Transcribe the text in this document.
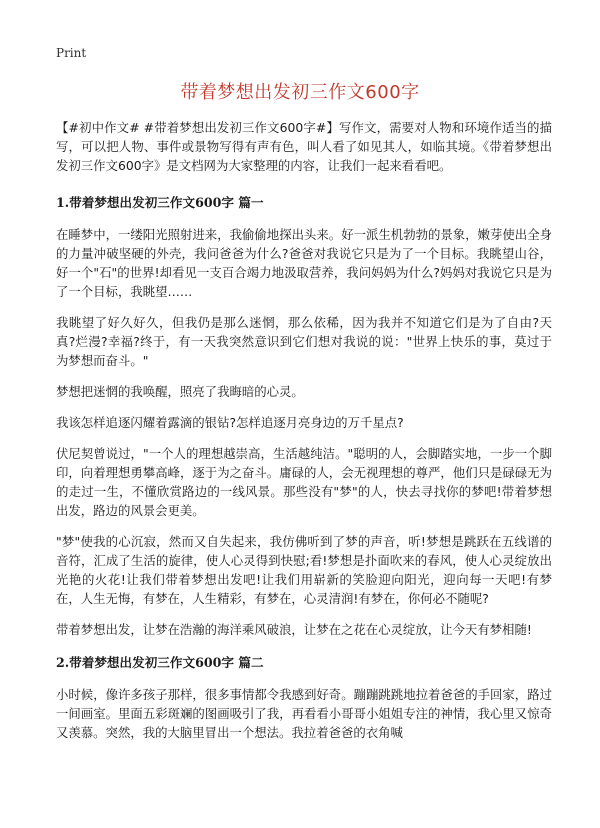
Print
带着梦想出发初三作文600字

【#初中作文# #带着梦想出发初三作文600字#】写作文，需要对人物和环境作适当的描写，可以把人物、事件或景物写得有声有色，叫人看了如见其人，如临其境。《带着梦想出发初三作文600字》是文档网为大家整理的内容，让我们一起来看看吧。

1.带着梦想出发初三作文600字 篇一

在睡梦中，一缕阳光照射进来，我偷偷地探出头来。好一派生机勃勃的景象，嫩芽使出全身的力量冲破坚硬的外壳，我问爸爸为什么?爸爸对我说它只是为了一个目标。我眺望山谷，好一个"石"的世界!却看见一支百合竭力地汲取营养，我问妈妈为什么?妈妈对我说它只是为了一个目标，我眺望……

我眺望了好久好久，但我仍是那么迷惘，那么依稀，因为我并不知道它们是为了自由?天真?烂漫?幸福?终于，有一天我突然意识到它们想对我说的说："世界上快乐的事，莫过于为梦想而奋斗。"

梦想把迷惘的我唤醒，照亮了我晦暗的心灵。

我该怎样追逐闪耀着露滴的银钻?怎样追逐月亮身边的万千星点?

伏尼契曾说过，"一个人的理想越崇高，生活越纯洁。"聪明的人，会脚踏实地，一步一个脚印，向着理想勇攀高峰，逐于为之奋斗。庸碌的人，会无视理想的尊严，他们只是碌碌无为的走过一生，不懂欣赏路边的一线风景。那些没有"梦"的人，快去寻找你的梦吧!带着梦想出发，路边的风景会更美。

"梦"使我的心沉寂，然而又自失起来，我仿佛听到了梦的声音，听!梦想是跳跃在五线谱的音符，汇成了生活的旋律，使人心灵得到快慰;看!梦想是扑面吹来的春风，使人心灵绽放出光艳的火花!让我们带着梦想出发吧!让我们用崭新的笑脸迎向阳光，迎向每一天吧!有梦在，人生无悔，有梦在，人生精彩，有梦在，心灵清润!有梦在，你何必不随呢?

带着梦想出发，让梦在浩瀚的海洋乘风破浪，让梦在之花在心灵绽放，让今天有梦相随!

2.带着梦想出发初三作文600字 篇二

小时候，像许多孩子那样，很多事情都令我感到好奇。蹦蹦跳跳地拉着爸爸的手回家，路过一间画室。里面五彩斑斓的图画吸引了我，再看看小哥哥小姐姐专注的神情，我心里又惊奇又羡慕。突然，我的大脑里冒出一个想法。我拉着爸爸的衣角喊
